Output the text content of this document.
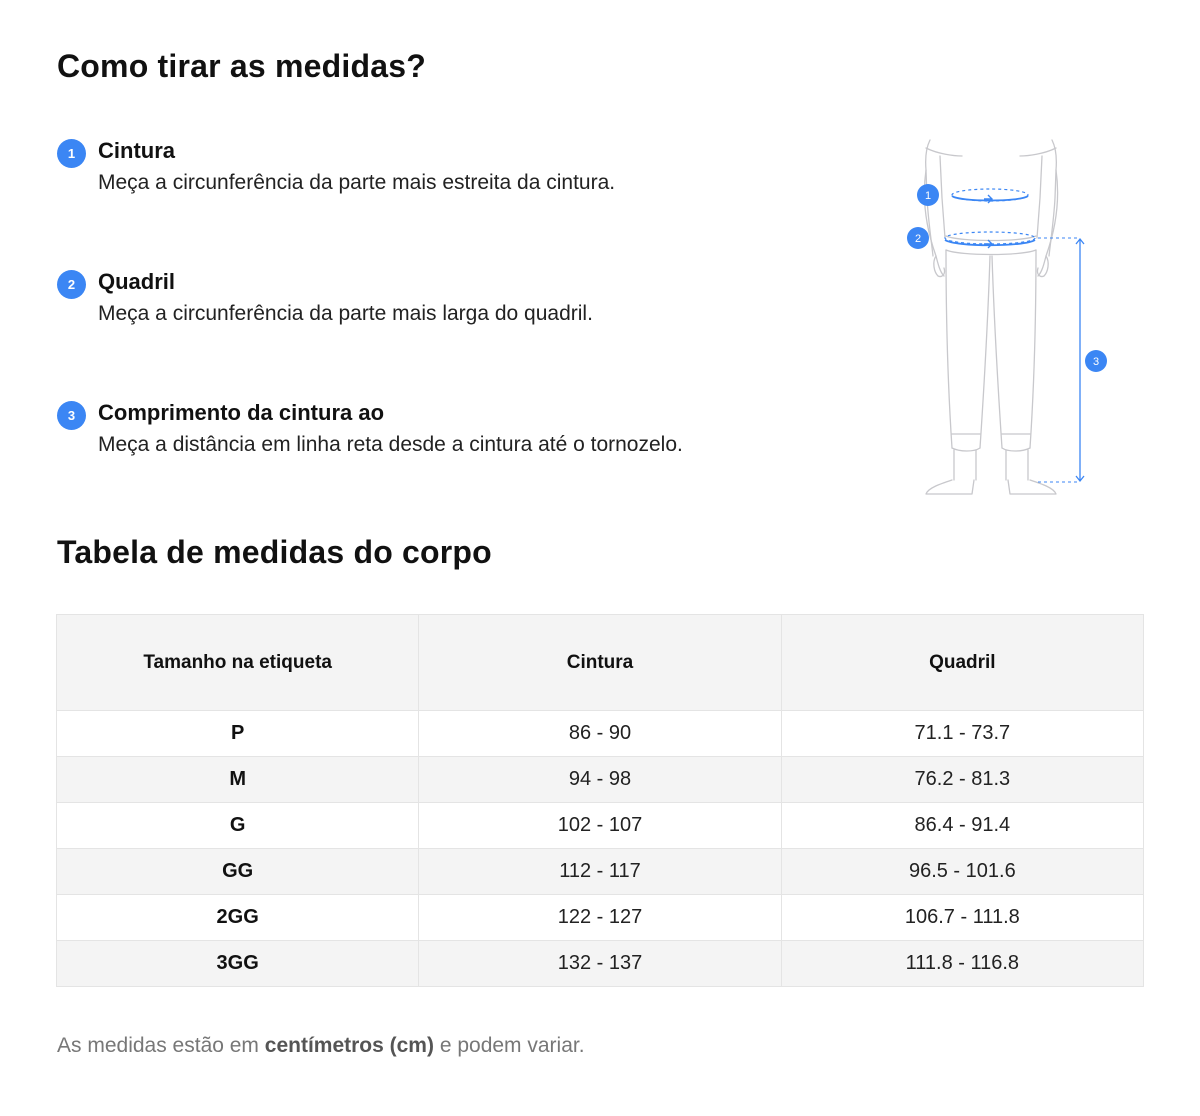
Como tirar as medidas?
1	Cintura
Meça a circunferência da parte mais estreita da cintura.
2	Quadril
Meça a circunferência da parte mais larga do quadril.
3	Comprimento da cintura ao
Meça a distância em linha reta desde a cintura até o tornozelo.
1
2
3
Tabela de medidas do corpo
Tamanho na etiqueta	Cintura	Quadril
P	86 - 90	71.1 - 73.7
M	94 - 98	76.2 - 81.3
G	102 - 107	86.4 - 91.4
GG	112 - 117	96.5 - 101.6
2GG	122 - 127	106.7 - 111.8
3GG	132 - 137	111.8 - 116.8
As medidas estão em centímetros (cm) e podem variar.
